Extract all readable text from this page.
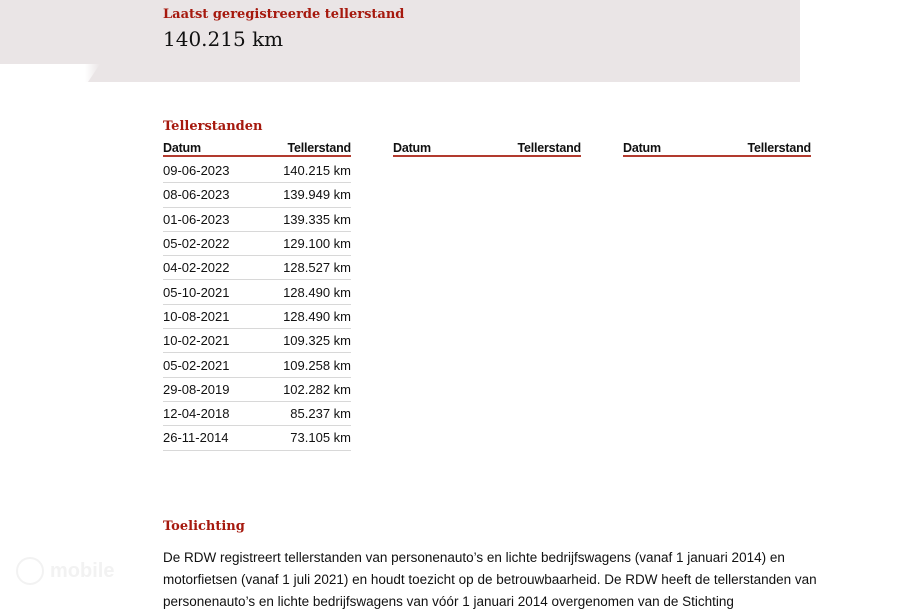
Laatst geregistreerde tellerstand
140.215 km
Tellerstanden
Datum	Tellerstand
09-06-2023	140.215 km
08-06-2023	139.949 km
01-06-2023	139.335 km
05-02-2022	129.100 km
04-02-2022	128.527 km
05-10-2021	128.490 km
10-08-2021	128.490 km
10-02-2021	109.325 km
05-02-2021	109.258 km
29-08-2019	102.282 km
12-04-2018	85.237 km
26-11-2014	73.105 km
Datum	Tellerstand	Datum	Tellerstand
Toelichting
De RDW registreert tellerstanden van personenauto’s en lichte bedrijfswagens (vanaf 1 januari 2014) en motorfietsen (vanaf 1 juli 2021) en houdt toezicht op de betrouwbaarheid. De RDW heeft de tellerstanden van personenauto’s en lichte bedrijfswagens van vóór 1 januari 2014 overgenomen van de Stichting
mobile
